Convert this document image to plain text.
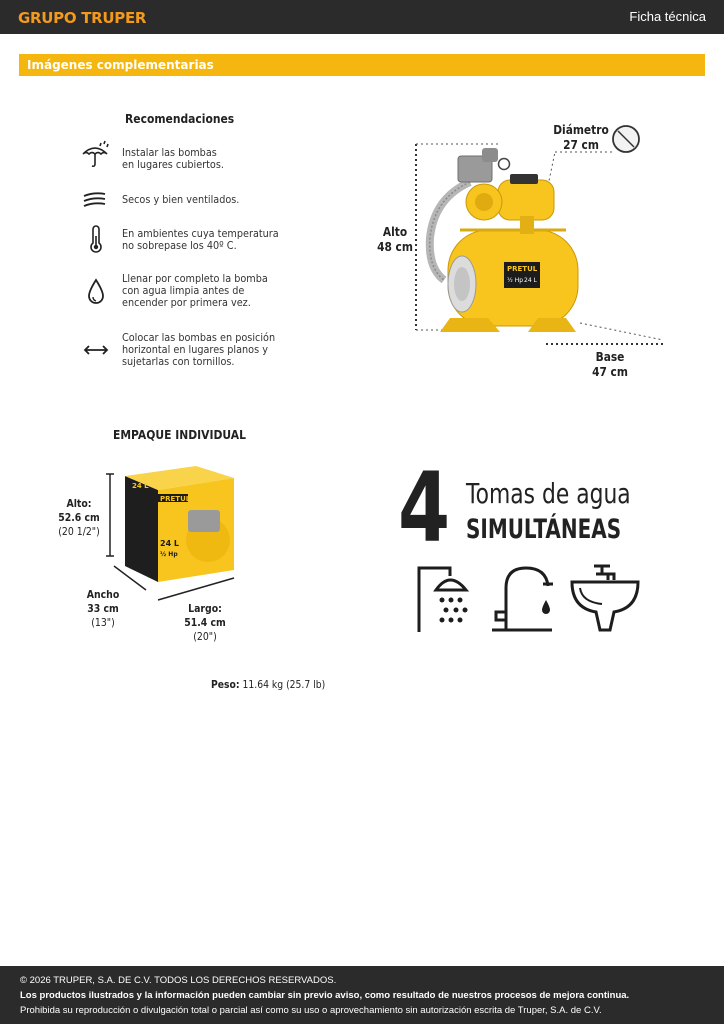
GRUPO TRUPER	Ficha técnica
Imágenes complementarias
Recomendaciones
Instalar las bombas
en lugares cubiertos.
Secos y bien ventilados.
En ambientes cuya temperatura
no sobrepase los 40º C.
Llenar por completo la bomba
con agua limpia antes de
encender por primera vez.
Colocar las bombas en posición
horizontal en lugares planos y
sujetarlas con tornillos.
PRETUL
½ Hp 24 L
Diámetro
27 cm
Alto
48 cm
Base
47 cm
EMPAQUE INDIVIDUAL
PRETUL
24 L
½ Hp
24 L
Alto:
52.6 cm
(20 1/2")
Ancho
33 cm
(13")
Largo:
51.4 cm
(20")
4 Tomas de agua
SIMULTÁNEAS
Peso: 11.64 kg (25.7 lb)
© 2026 TRUPER, S.A. DE C.V. TODOS LOS DERECHOS RESERVADOS.
Los productos ilustrados y la información pueden cambiar sin previo aviso, como resultado de nuestros procesos de mejora continua.
Prohibida su reproducción o divulgación total o parcial así como su uso o aprovechamiento sin autorización escrita de Truper, S.A. de C.V.
